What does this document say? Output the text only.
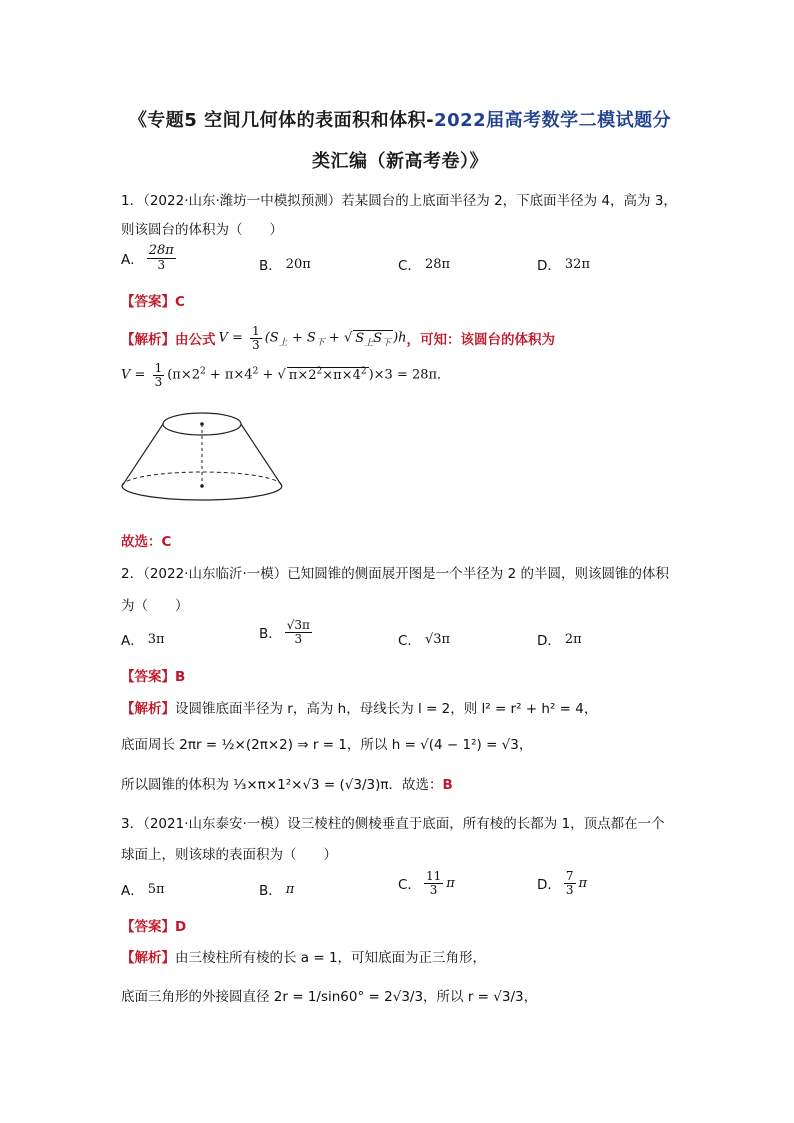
《专题5 空间几何体的表面积和体积-2022届高考数学二模试题分
类汇编（新高考卷）》
1．（2022·山东·潍坊一中模拟预测）若某圆台的上底面半径为 2，下底面半径为 4，高为 3，
则该圆台的体积为（　　）
A． $\frac{28\pi}{3}$	B． 20π	C． 28π	D． 32π
【答案】C
【解析】 由公式 $V = \frac{1}{3} (S_上 + S_下$ + √ $S_上S_下$ )h ，可知：该圆台的体积为
$V = \frac{1}{3} (\pi\times 2^2 + \pi\times 4^2$ + √ $\pi\times 2^2\times\pi\times 4^2$ )×3 = 28π．
故选：C
2．（2022·山东临沂·一模）已知圆锥的侧面展开图是一个半径为 2 的半圆，则该圆锥的体积
为（　　）
A． 3π	B． $\frac{√3\pi}{3}$	C． √3π	D． 2π
【答案】B
【解析】设圆锥底面半径为 r，高为 h，母线长为 l = 2，则 l² = r² + h² = 4，
底面周长 2πr = ½×(2π×2) ⇒ r = 1，所以 h = √(4 − 1²) = √3，
所以圆锥的体积为 ⅓×π×1²×√3 = (√3/3)π．故选：B
3．（2021·山东泰安·一模）设三棱柱的侧棱垂直于底面，所有棱的长都为 1，顶点都在一个
球面上，则该球的表面积为（　　）
A． 5π	B． π	C． $\frac{11}{3}$ π	D． $\frac{7}{3}$ π
【答案】D
【解析】由三棱柱所有棱的长 a = 1，可知底面为正三角形，
底面三角形的外接圆直径 2r = 1/sin60° = 2√3/3，所以 r = √3/3，
